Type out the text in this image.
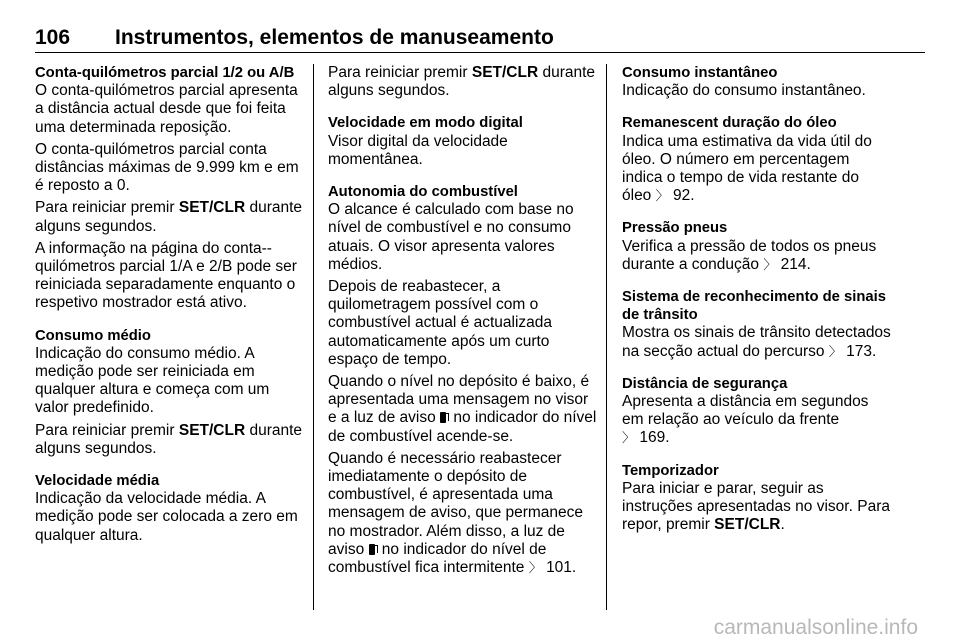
106 Instrumentos, elementos de manuseamento
Conta-quilómetros parcial 1/2 ou A/B

O conta-quilómetros parcial apresenta a distância actual desde que foi feita uma determinada reposição.

O conta-quilómetros parcial conta distâncias máximas de 9.999 km e em é reposto a 0.

Para reiniciar premir SET/CLR durante alguns segundos.

A informação na página do conta--quilómetros parcial 1/A e 2/B pode ser reiniciada separadamente enquanto o respetivo mostrador está ativo.

Consumo médio

Indicação do consumo médio. A medição pode ser reiniciada em qualquer altura e começa com um valor predefinido.

Para reiniciar premir SET/CLR durante alguns segundos.

Velocidade média

Indicação da velocidade média. A medição pode ser colocada a zero em qualquer altura.

Para reiniciar premir SET/CLR durante alguns segundos.

Velocidade em modo digital

Visor digital da velocidade momentânea.

Autonomia do combustível

O alcance é calculado com base no nível de combustível e no consumo atuais. O visor apresenta valores médios.

Depois de reabastecer, a quilometragem possível com o combustível actual é actualizada automaticamente após um curto espaço de tempo.

Quando o nível no depósito é baixo, é apresentada uma mensagem no visor e a luz de aviso
no indicador do nível de combustível acende-se.

Quando é necessário reabastecer imediatamente o depósito de combustível, é apresentada uma mensagem de aviso, que permanece no mostrador. Além disso, a luz de aviso
no indicador do nível de combustível fica intermitente 〉 101.

Consumo instantâneo

Indicação do consumo instantâneo.

Remanescent duração do óleo

Indica uma estimativa da vida útil do óleo. O número em percentagem indica o tempo de vida restante do óleo 〉 92.

Pressão pneus

Verifica a pressão de todos os pneus durante a condução 〉 214.

Sistema de reconhecimento de sinais de trânsito

Mostra os sinais de trânsito detectados na secção actual do percurso 〉 173.

Distância de segurança

Apresenta a distância em segundos em relação ao veículo da frente
〉 169.

Temporizador

Para iniciar e parar, seguir as instruções apresentadas no visor. Para repor, premir SET/CLR.

carmanualsonline.info
